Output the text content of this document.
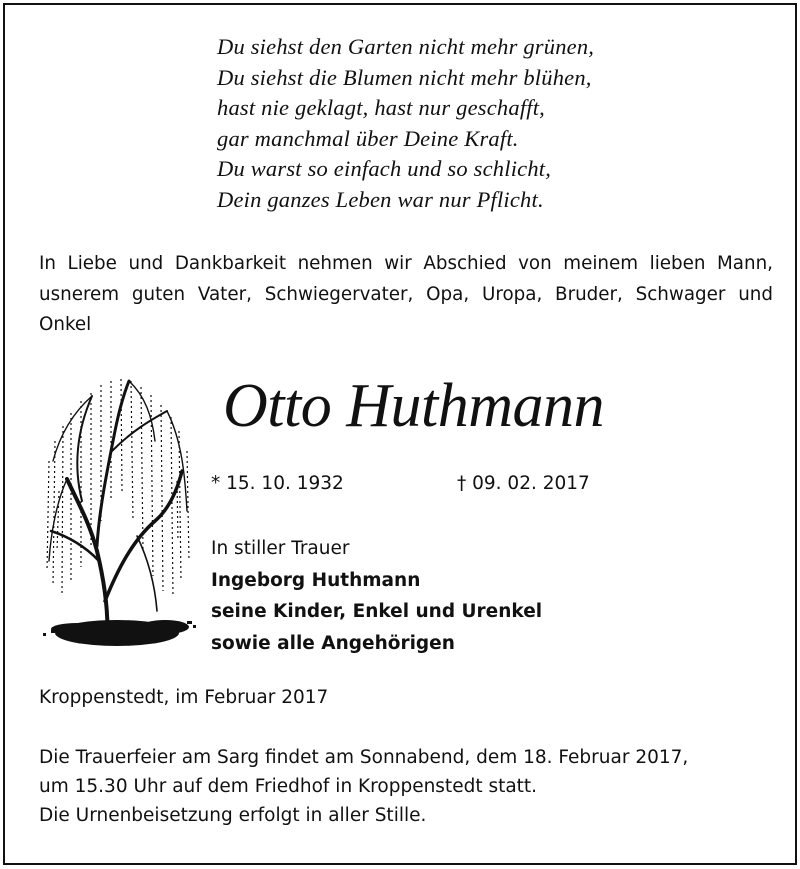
Du siehst den Garten nicht mehr grünen,
Du siehst die Blumen nicht mehr blühen,
hast nie geklagt, hast nur geschafft,
gar manchmal über Deine Kraft.
Du warst so einfach und so schlicht,
Dein ganzes Leben war nur Pflicht.
In Liebe und Dankbarkeit nehmen wir Abschied von meinem lieben Mann, usnerem guten Vater, Schwiegervater, Opa, Uropa, Bruder, Schwager und Onkel
Otto Huthmann
* 15. 10. 1932	† 09. 02. 2017
In stiller Trauer
Ingeborg Huthmann
seine Kinder, Enkel und Urenkel
sowie alle Angehörigen
Kroppenstedt, im Februar 2017
Die Trauerfeier am Sarg findet am Sonnabend, dem 18. Februar 2017,
um 15.30 Uhr auf dem Friedhof in Kroppenstedt statt.
Die Urnenbeisetzung erfolgt in aller Stille.
